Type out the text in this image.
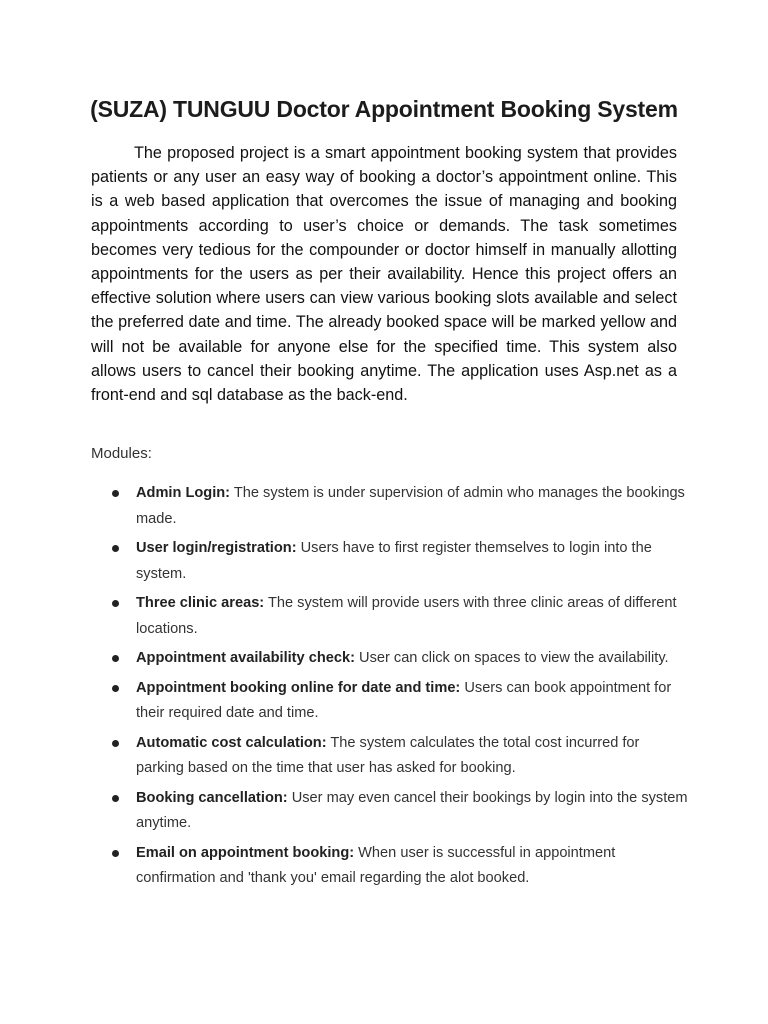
(SUZA) TUNGUU Doctor Appointment Booking System

The proposed project is a smart appointment booking system that provides patients or any user an easy way of booking a doctor’s appointment online. This is a web based application that overcomes the issue of managing and booking appointments according to user’s choice or demands. The task sometimes becomes very tedious for the compounder or doctor himself in manually allotting appointments for the users as per their availability. Hence this project offers an effective solution where users can view various booking slots available and select the preferred date and time. The already booked space will be marked yellow and will not be available for anyone else for the specified time. This system also allows users to cancel their booking anytime. The application uses Asp.net as a front-end and sql database as the back-end.

Modules:

Admin Login: The system is under supervision of admin who manages the bookings made.
User login/registration: Users have to first register themselves to login into the system.
Three clinic areas: The system will provide users with three clinic areas of different locations.
Appointment availability check: User can click on spaces to view the availability.
Appointment booking online for date and time: Users can book appointment for their required date and time.
Automatic cost calculation: The system calculates the total cost incurred for parking based on the time that user has asked for booking.
Booking cancellation: User may even cancel their bookings by login into the system anytime.
Email on appointment booking: When user is successful in appointment confirmation and 'thank you' email regarding the alot booked.
